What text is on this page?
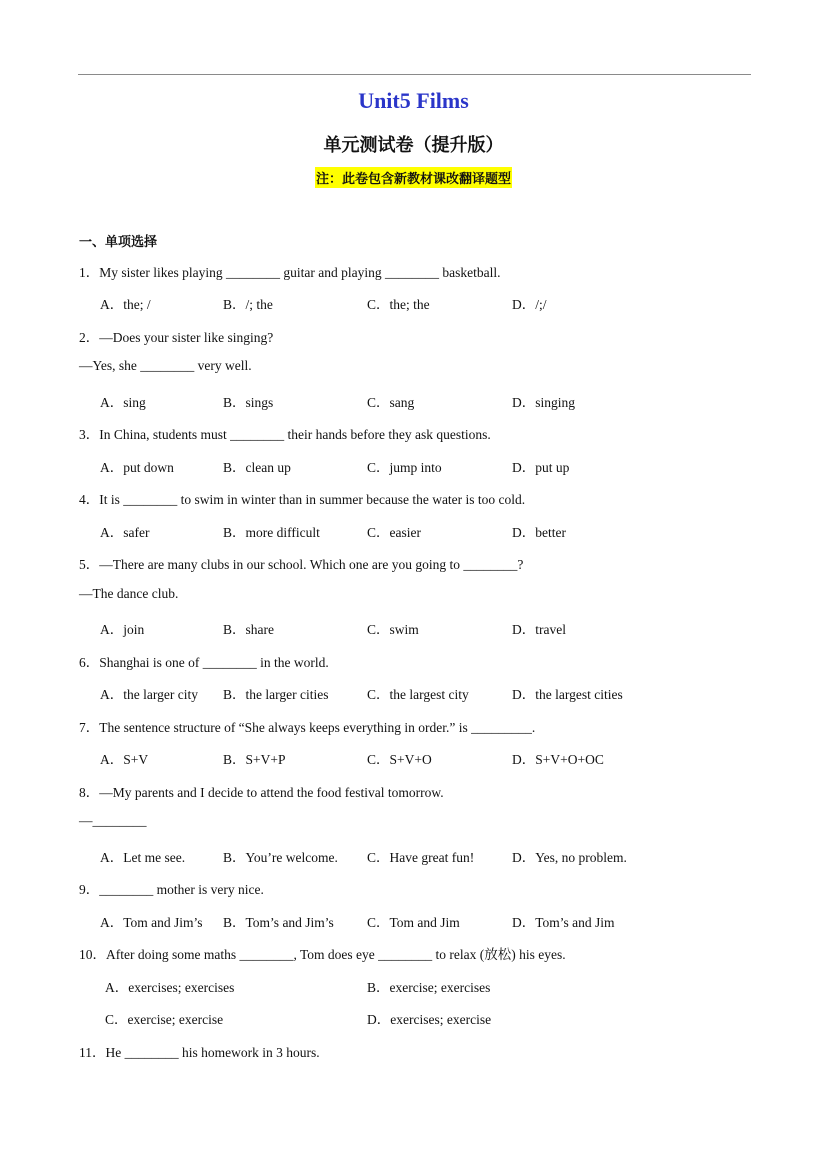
Unit5 Films
单元测试卷（提升版）
注：此卷包含新教材课改翻译题型
一、单项选择
1．My sister likes playing ________ guitar and playing ________ basketball.
A．the; /	B．/; the	C．the; the	D．/;/
2．—Does your sister like singing?
—Yes, she ________ very well.
A．sing	B．sings	C．sang	D．singing
3．In China, students must ________ their hands before they ask questions.
A．put down	B．clean up	C．jump into	D．put up
4．It is ________ to swim in winter than in summer because the water is too cold.
A．safer	B．more difficult	C．easier	D．better
5．—There are many clubs in our school. Which one are you going to ________?
—The dance club.
A．join	B．share	C．swim	D．travel
6．Shanghai is one of ________ in the world.
A．the larger city B．the larger cities	C．the largest city	D．the largest cities
7．The sentence structure of “She always keeps everything in order.” is _________.
A．S+V	B．S+V+P	C．S+V+O	D．S+V+O+OC
8．—My parents and I decide to attend the food festival tomorrow.
—________
A．Let me see.	B．You’re welcome. C．Have great fun!	D．Yes, no problem.
9．________ mother is very nice.
A．Tom and Jim’s B．Tom’s and Jim’s C．Tom and Jim	D．Tom’s and Jim
10．After doing some maths ________, Tom does eye ________ to relax (放松) his eyes.
A．exercises; exercises	B．exercise; exercises
C．exercise; exercise	D．exercises; exercise
11．He ________ his homework in 3 hours.
